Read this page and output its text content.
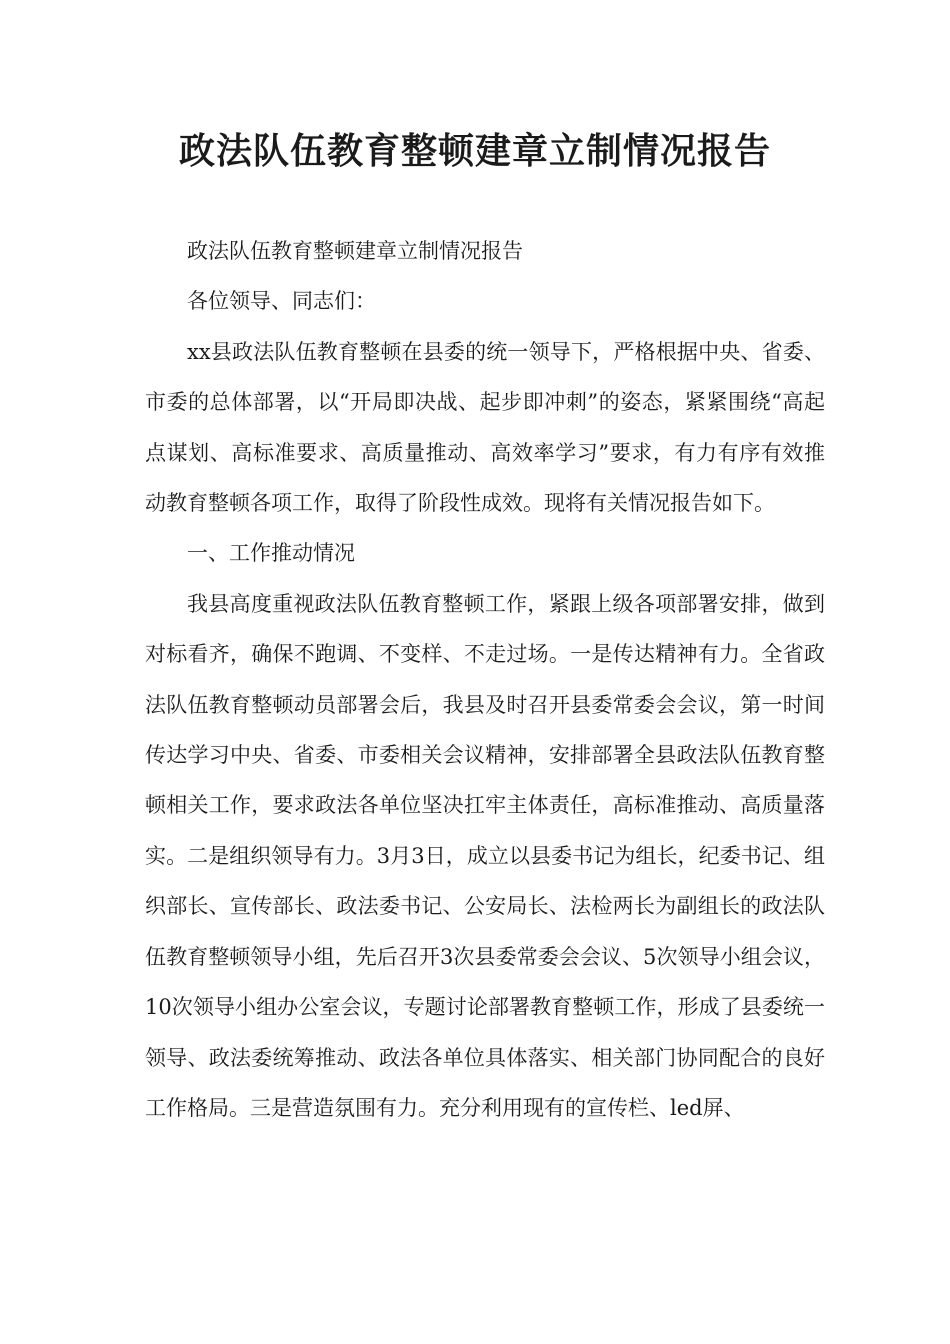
政法队伍教育整顿建章立制情况报告

政法队伍教育整顿建章立制情况报告

各位领导、同志们：

xx县政法队伍教育整顿在县委的统一领导下，严格根据中央、省委、市委的总体部署，以“开局即决战、起步即冲刺”的姿态，紧紧围绕“高起点谋划、高标准要求、高质量推动、高效率学习”要求，有力有序有效推动教育整顿各项工作，取得了阶段性成效。现将有关情况报告如下。

一、工作推动情况

我县高度重视政法队伍教育整顿工作，紧跟上级各项部署安排，做到对标看齐，确保不跑调、不变样、不走过场。一是传达精神有力。全省政法队伍教育整顿动员部署会后，我县及时召开县委常委会会议，第一时间传达学习中央、省委、市委相关会议精神，安排部署全县政法队伍教育整顿相关工作，要求政法各单位坚决扛牢主体责任，高标准推动、高质量落实。二是组织领导有力。3月3日，成立以县委书记为组长，纪委书记、组织部长、宣传部长、政法委书记、公安局长、法检两长为副组长的政法队伍教育整顿领导小组，先后召开3次县委常委会会议、5次领导小组会议，10次领导小组办公室会议，专题讨论部署教育整顿工作，形成了县委统一领导、政法委统筹推动、政法各单位具体落实、相关部门协同配合的良好工作格局。三是营造氛围有力。充分利用现有的宣传栏、led屏、
